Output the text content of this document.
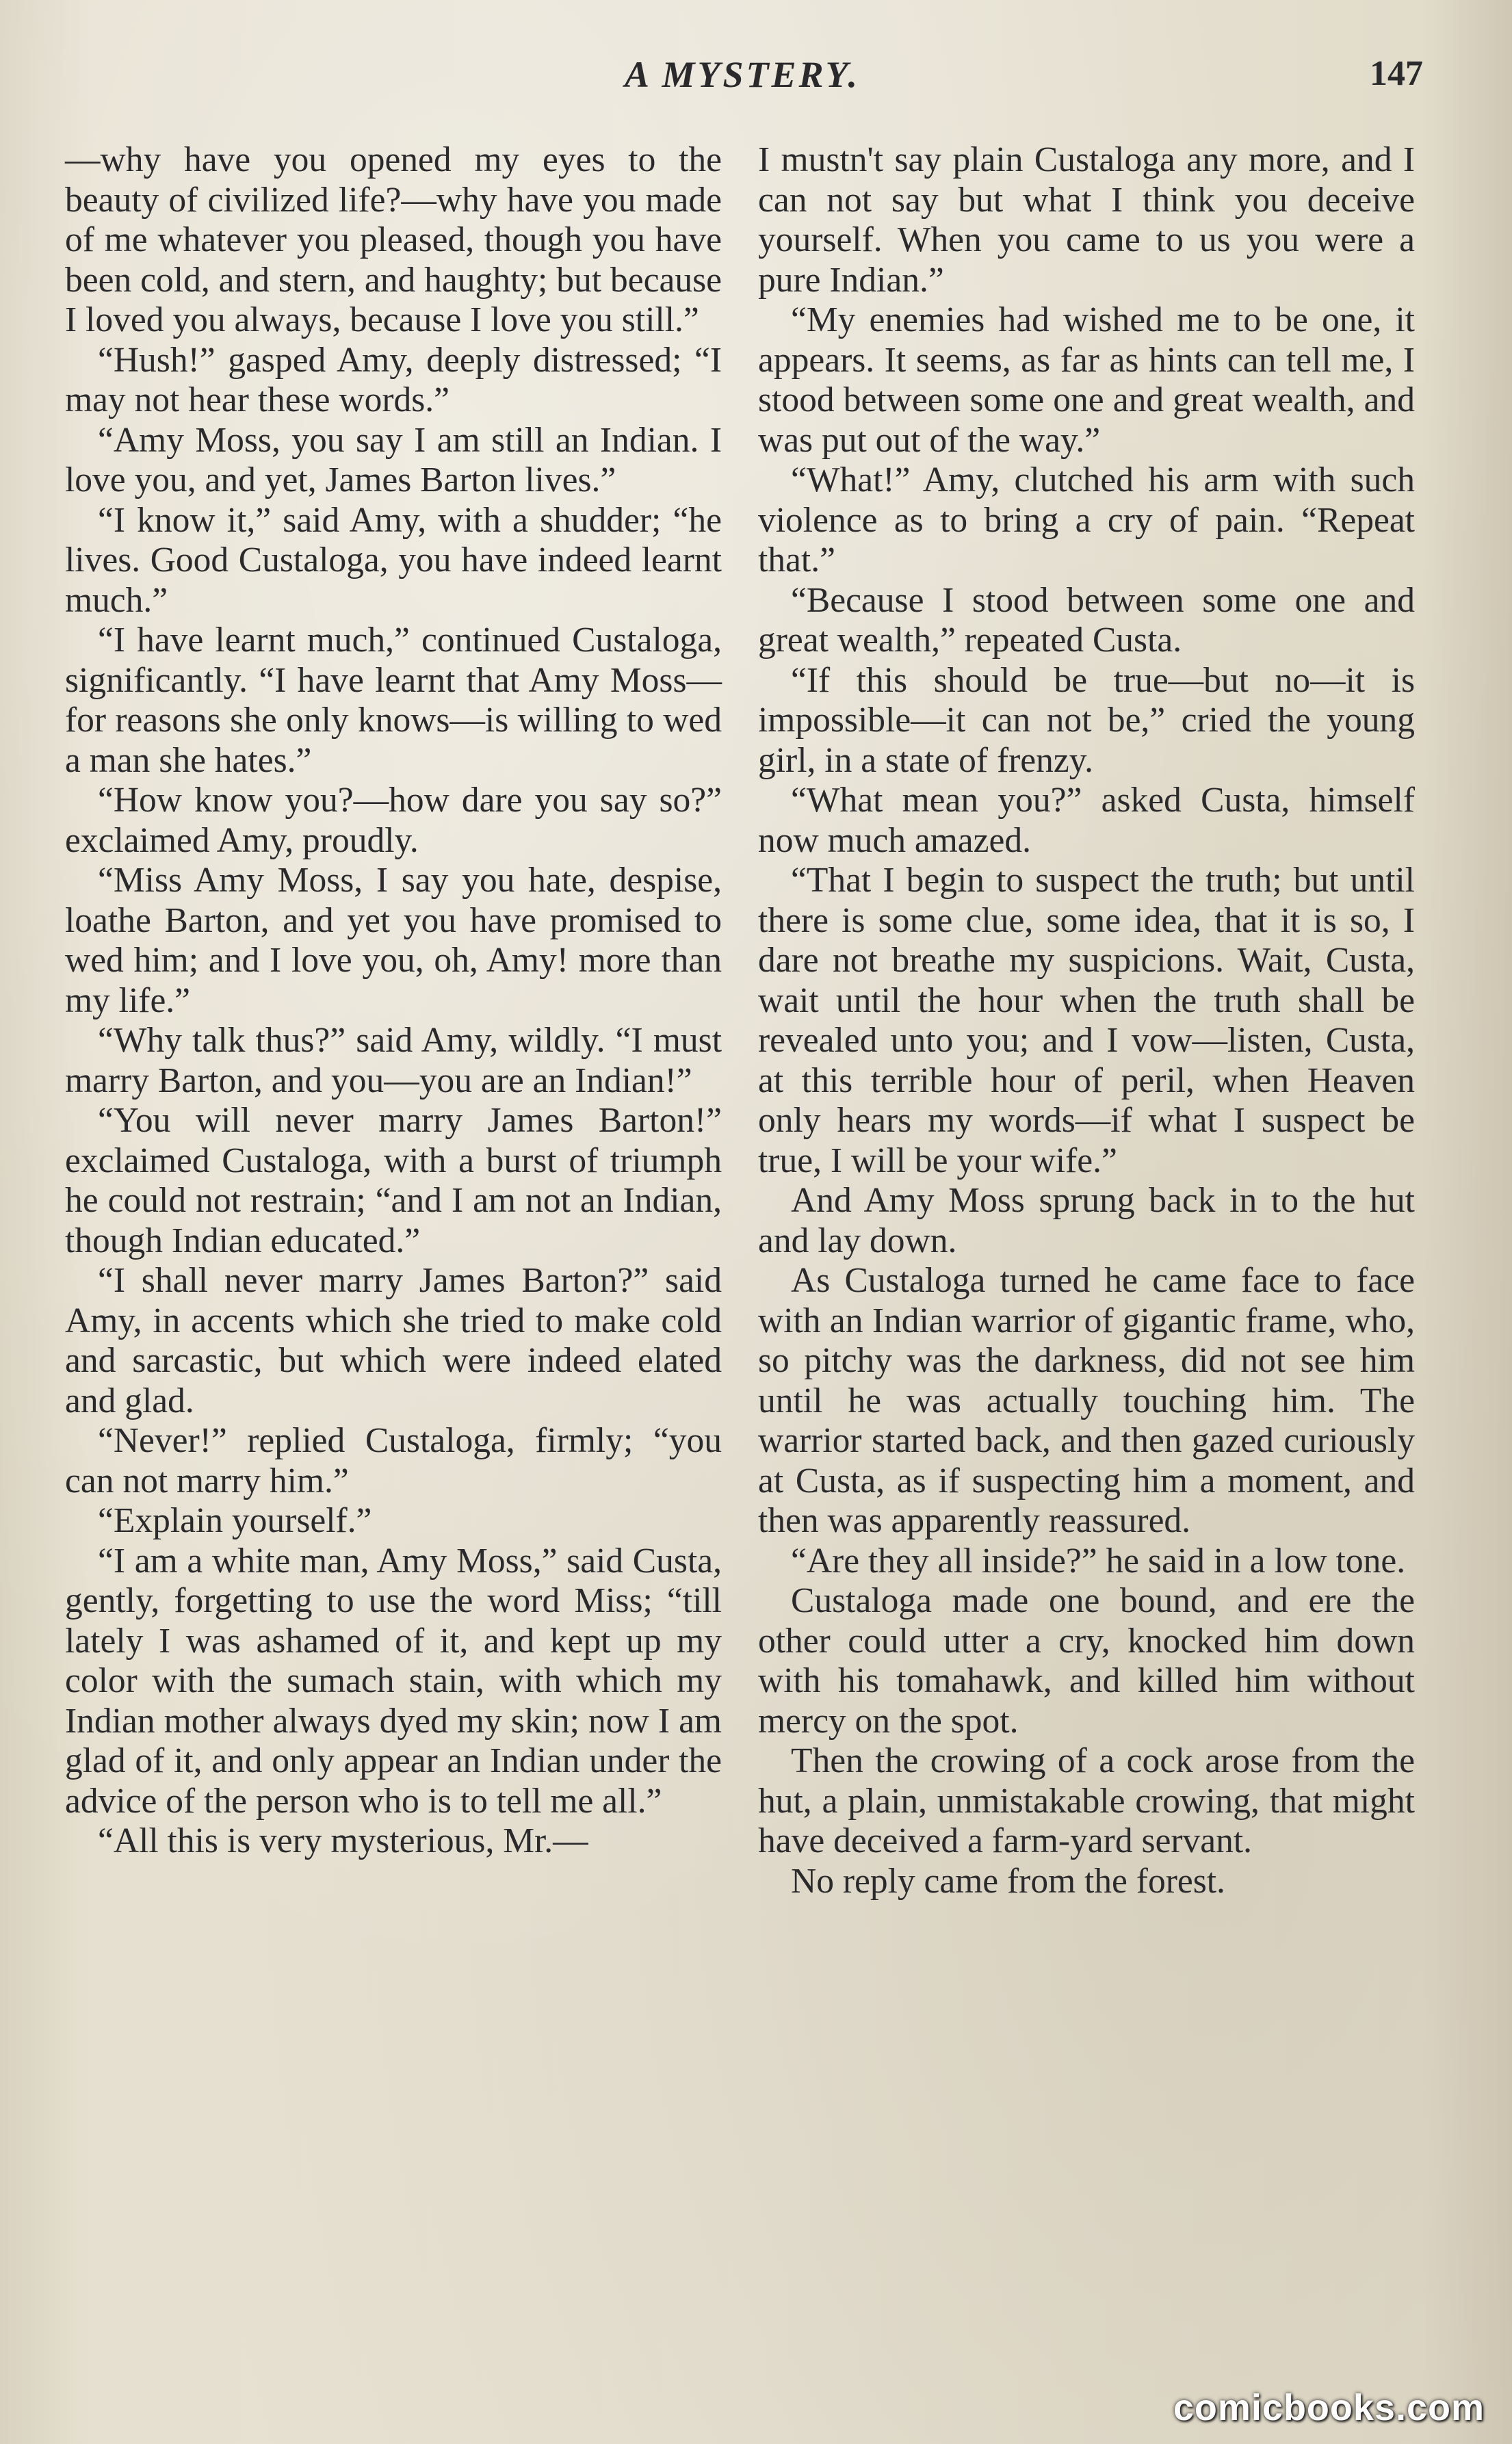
A MYSTERY.	147

—why have you opened my eyes to the beauty of civilized life?—why have you made of me whatever you pleased, though you have been cold, and stern, and haughty; but because I loved you always, because I love you still.”

“Hush!” gasped Amy, deeply distressed; “I may not hear these words.”

“Amy Moss, you say I am still an Indian. I love you, and yet, James Barton lives.”

“I know it,” said Amy, with a shudder; “he lives. Good Custaloga, you have indeed learnt much.”

“I have learnt much,” continued Custaloga, significantly. “I have learnt that Amy Moss—for reasons she only knows—is willing to wed a man she hates.”

“How know you?—how dare you say so?” exclaimed Amy, proudly.

“Miss Amy Moss, I say you hate, despise, loathe Barton, and yet you have promised to wed him; and I love you, oh, Amy! more than my life.”

“Why talk thus?” said Amy, wildly. “I must marry Barton, and you—you are an Indian!”

“You will never marry James Barton!” exclaimed Custaloga, with a burst of triumph he could not restrain; “and I am not an Indian, though Indian educated.”

“I shall never marry James Barton?” said Amy, in accents which she tried to make cold and sarcastic, but which were indeed elated and glad.

“Never!” replied Custaloga, firmly; “you can not marry him.”

“Explain yourself.”

“I am a white man, Amy Moss,” said Custa, gently, forgetting to use the word Miss; “till lately I was ashamed of it, and kept up my color with the sumach stain, with which my Indian mother always dyed my skin; now I am glad of it, and only appear an Indian under the advice of the person who is to tell me all.”

“All this is very mysterious, Mr.—

I mustn't say plain Custaloga any more, and I can not say but what I think you deceive yourself. When you came to us you were a pure Indian.”

“My enemies had wished me to be one, it appears. It seems, as far as hints can tell me, I stood between some one and great wealth, and was put out of the way.”

“What!” Amy, clutched his arm with such violence as to bring a cry of pain. “Repeat that.”

“Because I stood between some one and great wealth,” repeated Custa.

“If this should be true—but no—it is impossible—it can not be,” cried the young girl, in a state of frenzy.

“What mean you?” asked Custa, himself now much amazed.

“That I begin to suspect the truth; but until there is some clue, some idea, that it is so, I dare not breathe my suspicions. Wait, Custa, wait until the hour when the truth shall be revealed unto you; and I vow—listen, Custa, at this terrible hour of peril, when Heaven only hears my words—if what I suspect be true, I will be your wife.”

And Amy Moss sprung back in to the hut and lay down.

As Custaloga turned he came face to face with an Indian warrior of gigantic frame, who, so pitchy was the darkness, did not see him until he was actually touching him. The warrior started back, and then gazed curiously at Custa, as if suspecting him a moment, and then was apparently reassured.

“Are they all inside?” he said in a low tone.

Custaloga made one bound, and ere the other could utter a cry, knocked him down with his tomahawk, and killed him without mercy on the spot.

Then the crowing of a cock arose from the hut, a plain, unmistakable crowing, that might have deceived a farm-yard servant.

No reply came from the forest.

comicbooks.com
